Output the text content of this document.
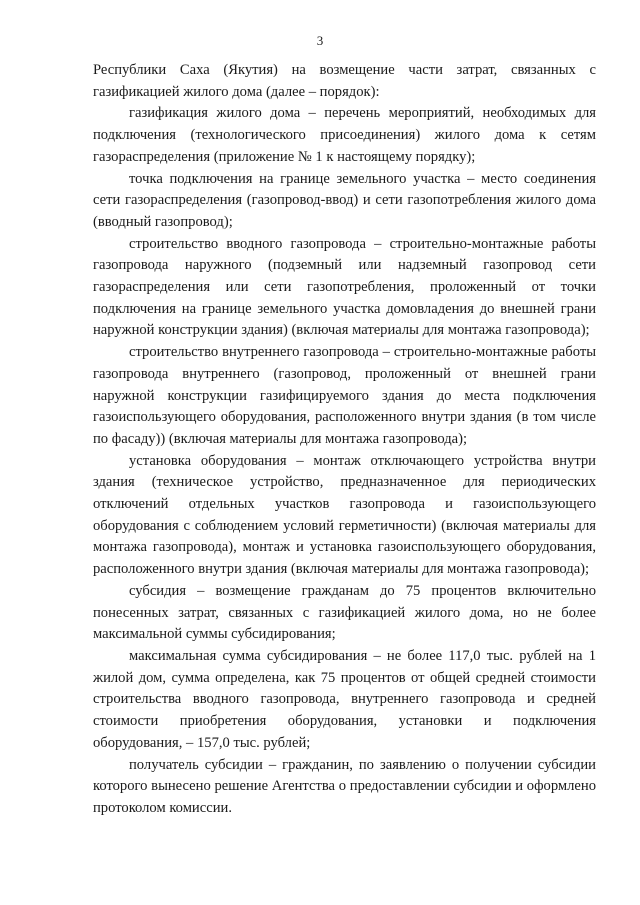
3

Республики Саха (Якутия) на возмещение части затрат, связанных с газификацией жилого дома (далее – порядок):

газификация жилого дома – перечень мероприятий, необходимых для подключения (технологического присоединения) жилого дома к сетям газораспределения (приложение № 1 к настоящему порядку);

точка подключения на границе земельного участка – место соединения сети газораспределения (газопровод-ввод) и сети газопотребления жилого дома (вводный газопровод);

строительство вводного газопровода – строительно-монтажные работы газопровода наружного (подземный или надземный газопровод сети газораспределения или сети газопотребления, проложенный от точки подключения на границе земельного участка домовладения до внешней грани наружной конструкции здания) (включая материалы для монтажа газопровода);

строительство внутреннего газопровода – строительно-монтажные работы газопровода внутреннего (газопровод, проложенный от внешней грани наружной конструкции газифицируемого здания до места подключения газоиспользующего оборудования, расположенного внутри здания (в том числе по фасаду)) (включая материалы для монтажа газопровода);

установка оборудования – монтаж отключающего устройства внутри здания (техническое устройство, предназначенное для периодических отключений отдельных участков газопровода и газоиспользующего оборудования с соблюдением условий герметичности) (включая материалы для монтажа газопровода), монтаж и установка газоиспользующего оборудования, расположенного внутри здания (включая материалы для монтажа газопровода);

субсидия – возмещение гражданам до 75 процентов включительно понесенных затрат, связанных с газификацией жилого дома, но не более максимальной суммы субсидирования;

максимальная сумма субсидирования – не более 117,0 тыс. рублей на 1 жилой дом, сумма определена, как 75 процентов от общей средней стоимости строительства вводного газопровода, внутреннего газопровода и средней стоимости приобретения оборудования, установки и подключения оборудования, – 157,0 тыс. рублей;

получатель субсидии – гражданин, по заявлению о получении субсидии которого вынесено решение Агентства о предоставлении субсидии и оформлено протоколом комиссии.
